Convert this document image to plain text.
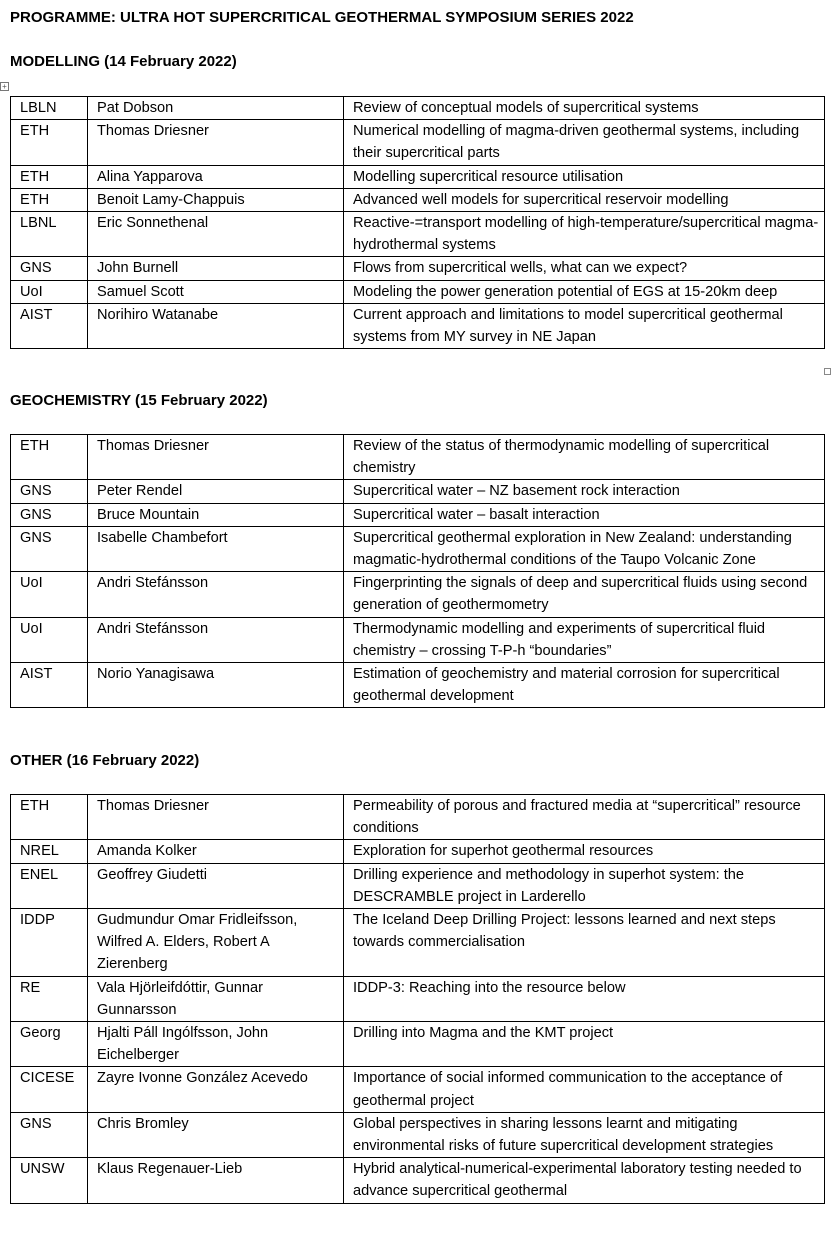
PROGRAMME: ULTRA HOT SUPERCRITICAL GEOTHERMAL SYMPOSIUM SERIES 2022
+
MODELLING (14 February 2022)
LBLN	Pat Dobson	Review of conceptual models of supercritical systems
ETH	Thomas Driesner	Numerical modelling of magma-driven geothermal systems, including their supercritical parts
ETH	Alina Yapparova	Modelling supercritical resource utilisation
ETH	Benoit Lamy-Chappuis	Advanced well models for supercritical reservoir modelling
LBNL	Eric Sonnethenal	Reactive-=transport modelling of high-temperature/supercritical magma-hydrothermal systems
GNS	John Burnell	Flows from supercritical wells, what can we expect?
UoI	Samuel Scott	Modeling the power generation potential of EGS at 15-20km deep
AIST	Norihiro Watanabe	Current approach and limitations to model supercritical geothermal systems from MY survey in NE Japan
GEOCHEMISTRY (15 February 2022)
ETH	Thomas Driesner	Review of the status of thermodynamic modelling of supercritical chemistry
GNS	Peter Rendel	Supercritical water – NZ basement rock interaction
GNS	Bruce Mountain	Supercritical water – basalt interaction
GNS	Isabelle Chambefort	Supercritical geothermal exploration in New Zealand: understanding magmatic-hydrothermal conditions of the Taupo Volcanic Zone
UoI	Andri Stefánsson	Fingerprinting the signals of deep and supercritical fluids using second generation of geothermometry
UoI	Andri Stefánsson	Thermodynamic modelling and experiments of supercritical fluid chemistry – crossing T-P-h “boundaries”
AIST	Norio Yanagisawa	Estimation of geochemistry and material corrosion for supercritical geothermal development
OTHER (16 February 2022)
ETH	Thomas Driesner	Permeability of porous and fractured media at “supercritical” resource conditions
NREL	Amanda Kolker	Exploration for superhot geothermal resources
ENEL	Geoffrey Giudetti	Drilling experience and methodology in superhot system: the DESCRAMBLE project in Larderello
IDDP	Gudmundur Omar Fridleifsson, Wilfred A. Elders, Robert A Zierenberg	The Iceland Deep Drilling Project: lessons learned and next steps towards commercialisation
RE	Vala Hjörleifdóttir, Gunnar Gunnarsson	IDDP-3: Reaching into the resource below
Georg	Hjalti Páll Ingólfsson, John Eichelberger	Drilling into Magma and the KMT project
CICESE	Zayre Ivonne González Acevedo	Importance of social informed communication to the acceptance of geothermal project
GNS	Chris Bromley	Global perspectives in sharing lessons learnt and mitigating environmental risks of future supercritical development strategies
UNSW	Klaus Regenauer-Lieb	Hybrid analytical-numerical-experimental laboratory testing needed to advance supercritical geothermal
